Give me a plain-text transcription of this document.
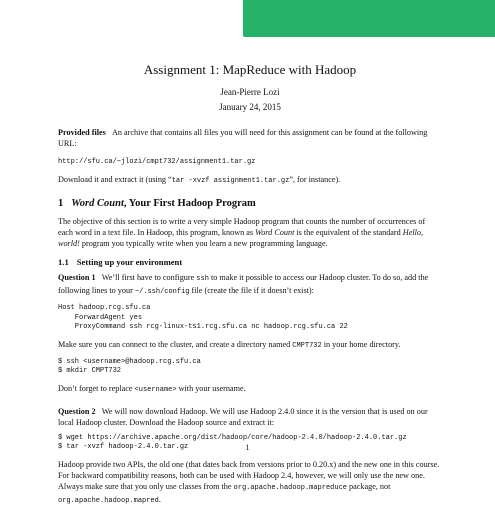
Assignment 1: MapReduce with Hadoop

Jean-Pierre Lozi

January 24, 2015

Provided files An archive that contains all files you will need for this assignment can be found at the following URL:

http://sfu.ca/~jlozi/cmpt732/assignment1.tar.gz

Download it and extract it (using “tar -xvzf assignment1.tar.gz”, for instance).

1 Word Count, Your First Hadoop Program

The objective of this section is to write a very simple Hadoop program that counts the number of occurrences of each word in a text file. In Hadoop, this program, known as Word Count is the equivalent of the standard Hello, world! program you typically write when you learn a new programming language.

1.1 Setting up your environment

Question 1 We’ll first have to configure ssh to make it possible to access our Hadoop cluster. To do so, add the following lines to your ~/.ssh/config file (create the file if it doesn’t exist):

Host hadoop.rcg.sfu.ca
ForwardAgent yes
ProxyCommand ssh rcg-linux-ts1.rcg.sfu.ca nc hadoop.rcg.sfu.ca 22

Make sure you can connect to the cluster, and create a directory named CMPT732 in your home directory.

$ ssh <username>@hadoop.rcg.sfu.ca
$ mkdir CMPT732

Don’t forget to replace <username> with your username.

Question 2 We will now download Hadoop. We will use Hadoop 2.4.0 since it is the version that is used on our local Hadoop cluster. Download the Hadoop source and extract it:

$ wget https://archive.apache.org/dist/hadoop/core/hadoop-2.4.0/hadoop-2.4.0.tar.gz
$ tar -xvzf hadoop-2.4.0.tar.gz

Hadoop provide two APIs, the old one (that dates back from versions prior to 0.20.x) and the new one in this course. For backward compatibility reasons, both can be used with Hadoop 2.4, however, we will only use the new one. Always make sure that you only use classes from the org.apache.hadoop.mapreduce package, not org.apache.hadoop.mapred.

1
